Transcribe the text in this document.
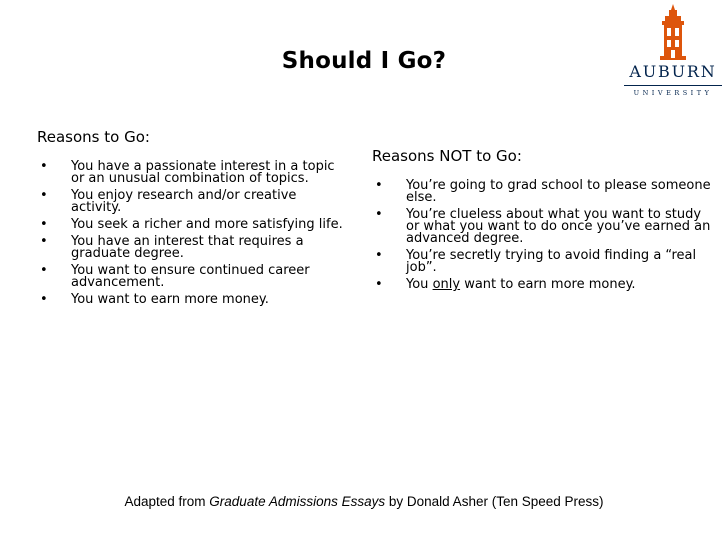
Should I Go?	AUBURN
UNIVERSITY
Reasons to Go:
• You have a passionate interest in a topic or an unusual combination of topics.
• You enjoy research and/or creative activity.
• You seek a richer and more satisfying life.
• You have an interest that requires a graduate degree.
• You want to ensure continued career advancement.
• You want to earn more money.
Reasons NOT to Go:
• You’re going to grad school to please someone else.
• You’re clueless about what you want to study or what you want to do once you’ve earned an advanced degree.
• You’re secretly trying to avoid finding a “real job”.
• You only want to earn more money.
Adapted from Graduate Admissions Essays by Donald Asher (Ten Speed Press)
